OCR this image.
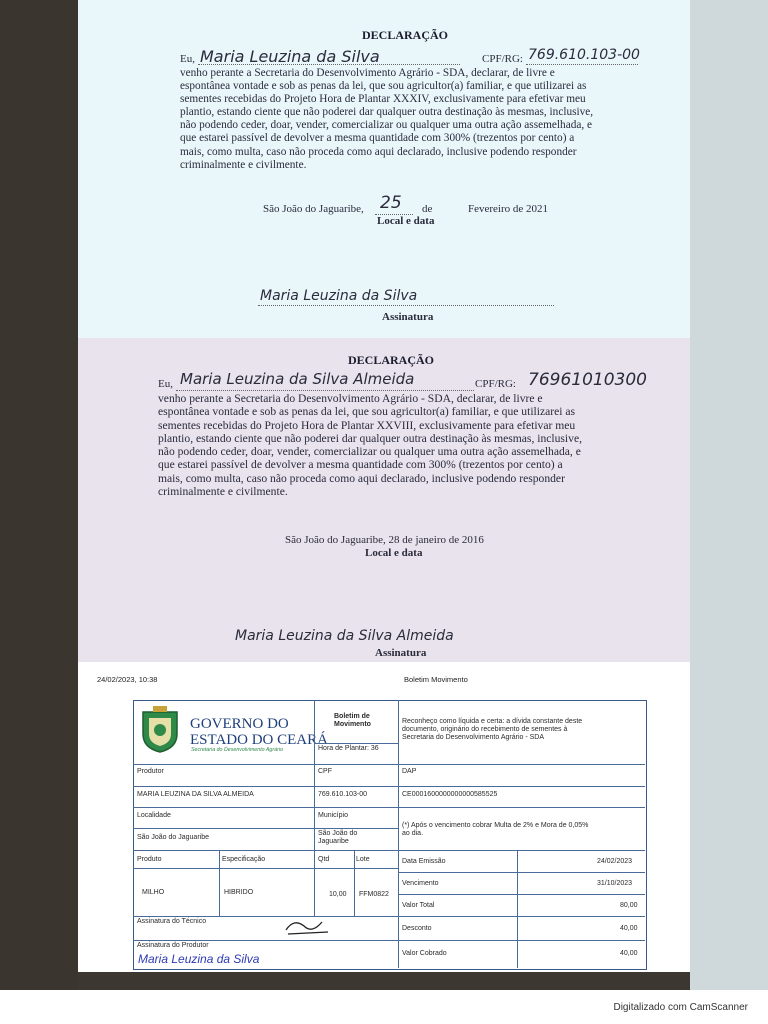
DECLARAÇÃO
Eu, Maria Leuzina da Silva	CPF/RG: 769.610.103-00
venho perante a Secretaria do Desenvolvimento Agrário - SDA, declarar, de livre e
espontânea vontade e sob as penas da lei, que sou agricultor(a) familiar, e que utilizarei as
sementes recebidas do Projeto Hora de Plantar XXXIV, exclusivamente para efetivar meu
plantio, estando ciente que não poderei dar qualquer outra destinação às mesmas, inclusive,
não podendo ceder, doar, vender, comercializar ou qualquer uma outra ação assemelhada, e
que estarei passível de devolver a mesma quantidade com 300% (trezentos por cento) a
mais, como multa, caso não proceda como aqui declarado, inclusive podendo responder
criminalmente e civilmente.
São João do Jaguaribe, 25 de	Fevereiro de 2021
Local e data
Maria Leuzina da Silva
Assinatura
DECLARAÇÃO
Eu, Maria Leuzina da Silva Almeida	CPF/RG: 76961010300
venho perante a Secretaria do Desenvolvimento Agrário - SDA, declarar, de livre e
espontânea vontade e sob as penas da lei, que sou agricultor(a) familiar, e que utilizarei as
sementes recebidas do Projeto Hora de Plantar XXVIII, exclusivamente para efetivar meu
plantio, estando ciente que não poderei dar qualquer outra destinação às mesmas, inclusive,
não podendo ceder, doar, vender, comercializar ou qualquer uma outra ação assemelhada, e
que estarei passível de devolver a mesma quantidade com 300% (trezentos por cento) a
mais, como multa, caso não proceda como aqui declarado, inclusive podendo responder
criminalmente e civilmente.
São João do Jaguaribe, 28 de janeiro de 2016
Local e data
Maria Leuzina da Silva Almeida
Assinatura
24/02/2023, 10:38	Boletim Movimento
GOVERNO DO
ESTADO DO CEARÁ
Secretaria do Desenvolvimento Agrário
Boletim de
Movimento
Hora de Plantar: 36
Reconheço como líquida e certa: a dívida constante deste
documento, originário do recebimento de sementes à
Secretaria do Desenvolvimento Agrário - SDA
Produtor	CPF	DAP
MARIA LEUZINA DA SILVA ALMEIDA	769.610.103-00	CE0001600000000000585525
Localidade	Município
(*) Após o vencimento cobrar Multa de 2% e Mora de 0,05%
ao dia.
São João do Jaguaribe
São João do
Jaguaribe
Produto	Especificação	Qtd	Lote
MILHO	HIBRIDO	10,00 FFM0822
Data Emissão	24/02/2023
Vencimento	31/10/2023
Valor Total	80,00
Assinatura do Técnico
Desconto	40,00
Assinatura do Produtor
Maria Leuzina da Silva	Valor Cobrado	40,00
Digitalizado com CamScanner
